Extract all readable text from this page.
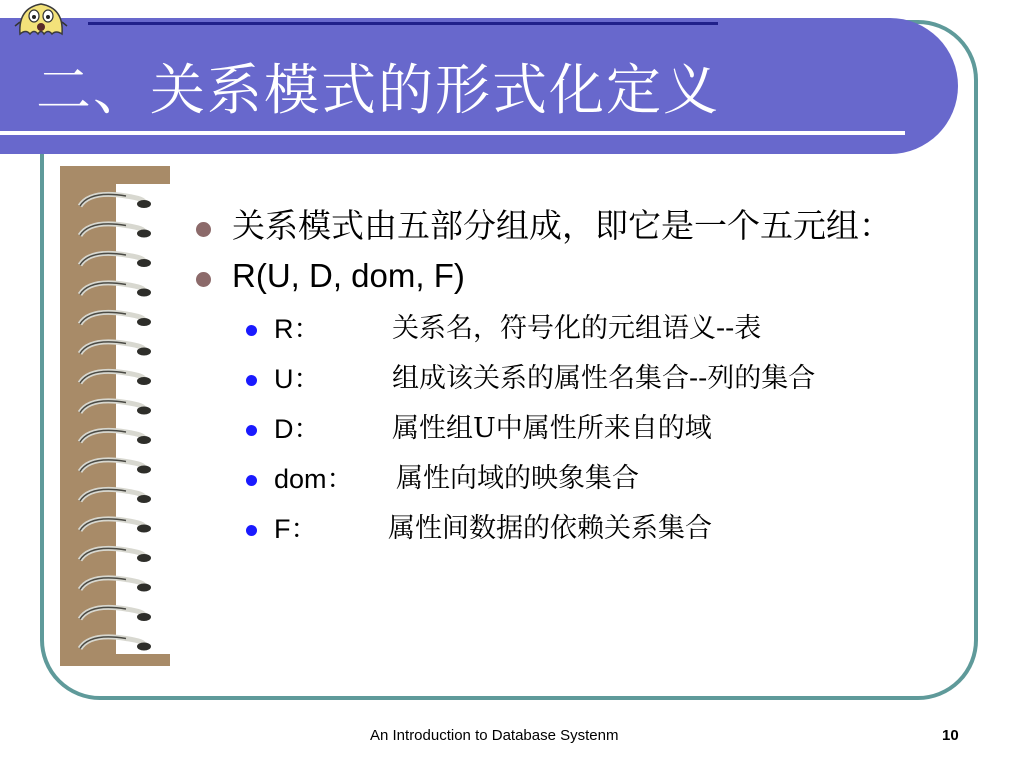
二、关系模式的形式化定义
关系模式由五部分组成，即它是一个五元组：
R(U, D, dom, F)
R：	关系名，符号化的元组语义--表
U：	组成该关系的属性名集合--列的集合
D：	属性组U中属性所来自的域
dom： 属性向域的映象集合
F：	属性间数据的依赖关系集合
An Introduction to Database Systenm	10
